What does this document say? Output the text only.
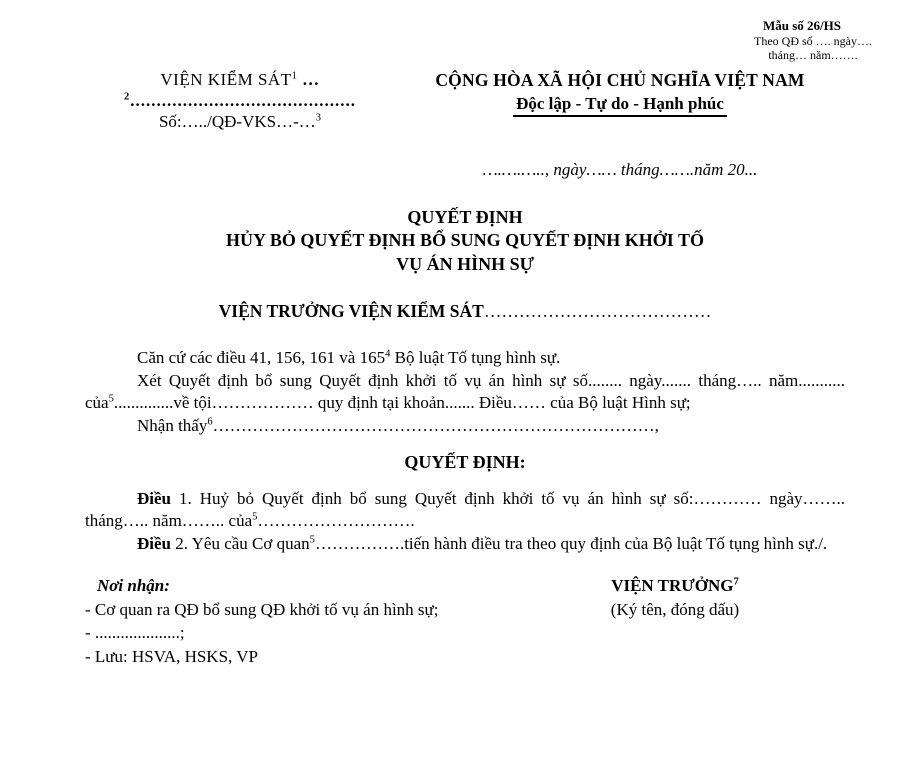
Mẫu số 26/HS
Theo QĐ số …. ngày….
tháng… năm…….
VIỆN KIỂM SÁT$^1$ …
$^2$...........................................
Số:…../QĐ-VKS…-…$^3$
CỘNG HÒA XÃ HỘI CHỦ NGHĨA VIỆT NAM
Độc lập - Tự do - Hạnh phúc
….….….., ngày…… tháng…….năm 20...
QUYẾT ĐỊNH
HỦY BỎ QUYẾT ĐỊNH BỔ SUNG QUYẾT ĐỊNH KHỞI TỐ
VỤ ÁN HÌNH SỰ
VIỆN TRƯỞNG VIỆN KIỂM SÁT…………………………………

Căn cứ các điều 41, 156, 161 và $165^4$ Bộ luật Tố tụng hình sự.

Xét Quyết định bổ sung Quyết định khởi tố vụ án hình sự số........ ngày....... tháng….. năm........... của$^5$..............về tội……………… quy định tại khoản....... Điều…… của Bộ luật Hình sự;

Nhận thấy$^6$……………………………………………………………………,

QUYẾT ĐỊNH:

Điều 1. Huỷ bỏ Quyết định bổ sung Quyết định khởi tố vụ án hình sự số:………… ngày…….. tháng….. năm…….. của$^5$……………………….

Điều 2. Yêu cầu Cơ quan$^5$…………….tiến hành điều tra theo quy định của Bộ luật Tố tụng hình sự./.

Nơi nhận:
- Cơ quan ra QĐ bổ sung QĐ khởi tố vụ án hình sự;
- ....................;
- Lưu: HSVA, HSKS, VP
VIỆN TRƯỞNG$^7$
(Ký tên, đóng dấu)
